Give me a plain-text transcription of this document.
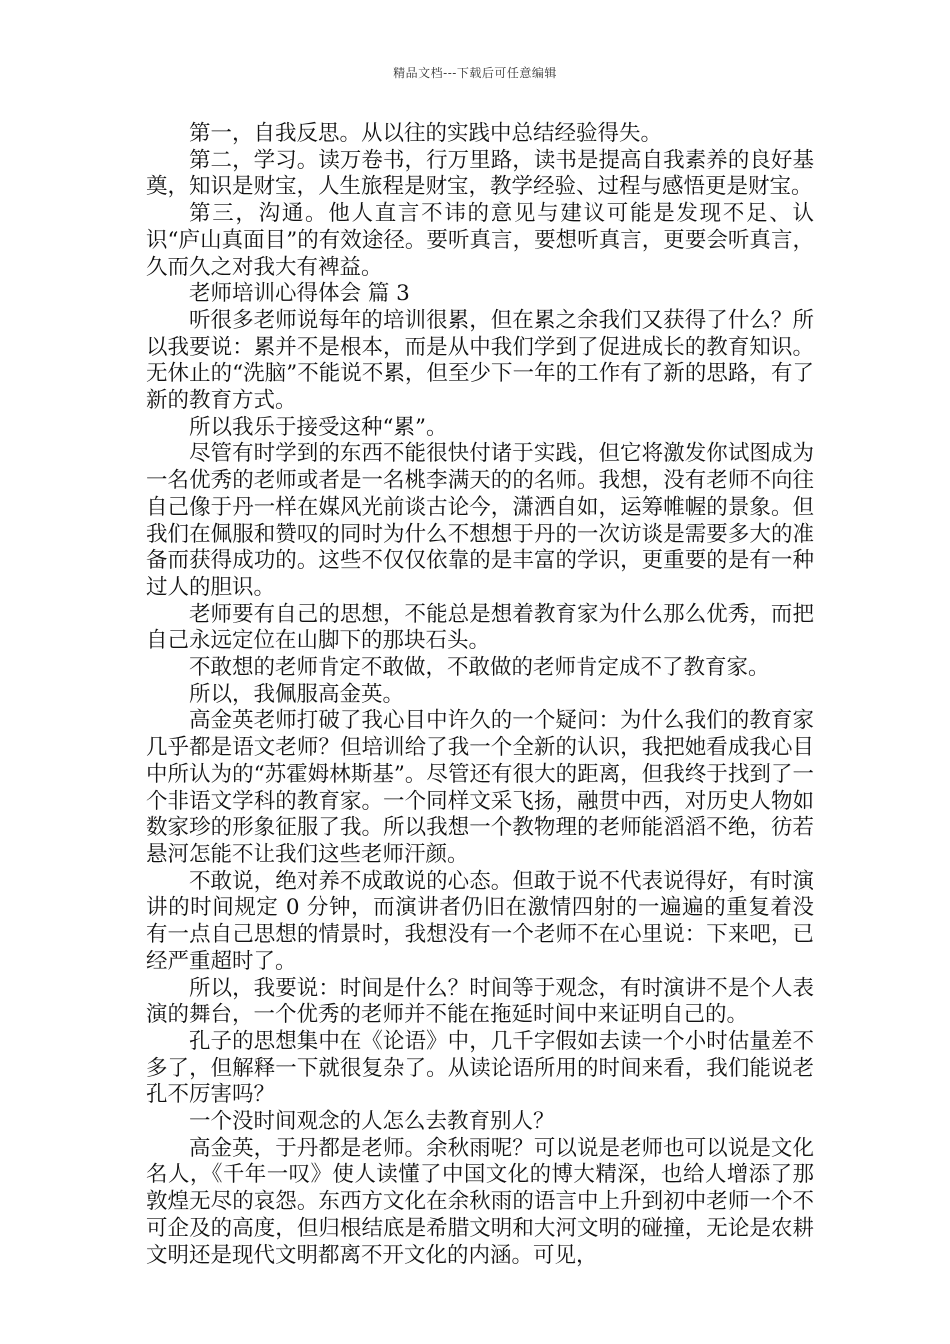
精品文档---下载后可任意编辑

第一，自我反思。从以往的实践中总结经验得失。

第二，学习。读万卷书，行万里路，读书是提高自我素养的良好基奠，知识是财宝，人生旅程是财宝，教学经验、过程与感悟更是财宝。

第三，沟通。他人直言不讳的意见与建议可能是发现不足、认识“庐山真面目”的有效途径。要听真言，要想听真言，更要会听真言，久而久之对我大有裨益。

老师培训心得体会 篇 3

听很多老师说每年的培训很累，但在累之余我们又获得了什么？所以我要说：累并不是根本，而是从中我们学到了促进成长的教育知识。无休止的“洗脑”不能说不累，但至少下一年的工作有了新的思路，有了新的教育方式。

所以我乐于接受这种“累”。

尽管有时学到的东西不能很快付诸于实践，但它将激发你试图成为一名优秀的老师或者是一名桃李满天的的名师。我想，没有老师不向往自己像于丹一样在媒风光前谈古论今，潇洒自如，运筹帷幄的景象。但我们在佩服和赞叹的同时为什么不想想于丹的一次访谈是需要多大的准备而获得成功的。这些不仅仅依靠的是丰富的学识，更重要的是有一种过人的胆识。

老师要有自己的思想，不能总是想着教育家为什么那么优秀，而把自己永远定位在山脚下的那块石头。

不敢想的老师肯定不敢做，不敢做的老师肯定成不了教育家。

所以，我佩服高金英。

高金英老师打破了我心目中许久的一个疑问：为什么我们的教育家几乎都是语文老师？但培训给了我一个全新的认识，我把她看成我心目中所认为的“苏霍姆林斯基”。尽管还有很大的距离，但我终于找到了一个非语文学科的教育家。一个同样文采飞扬，融贯中西，对历史人物如数家珍的形象征服了我。所以我想一个教物理的老师能滔滔不绝，彷若悬河怎能不让我们这些老师汗颜。

不敢说，绝对养不成敢说的心态。但敢于说不代表说得好，有时演讲的时间规定 0 分钟，而演讲者仍旧在激情四射的一遍遍的重复着没有一点自己思想的情景时，我想没有一个老师不在心里说：下来吧，已经严重超时了。

所以，我要说：时间是什么？时间等于观念，有时演讲不是个人表演的舞台，一个优秀的老师并不能在拖延时间中来证明自己的。

孔子的思想集中在《论语》中，几千字假如去读一个小时估量差不多了，但解释一下就很复杂了。从读论语所用的时间来看，我们能说老孔不厉害吗？

一个没时间观念的人怎么去教育别人？

高金英，于丹都是老师。余秋雨呢？可以说是老师也可以说是文化名人，《千年一叹》使人读懂了中国文化的博大精深，也给人增添了那敦煌无尽的哀怨。东西方文化在余秋雨的语言中上升到初中老师一个不可企及的高度，但归根结底是希腊文明和大河文明的碰撞，无论是农耕文明还是现代文明都离不开文化的内涵。可见，
